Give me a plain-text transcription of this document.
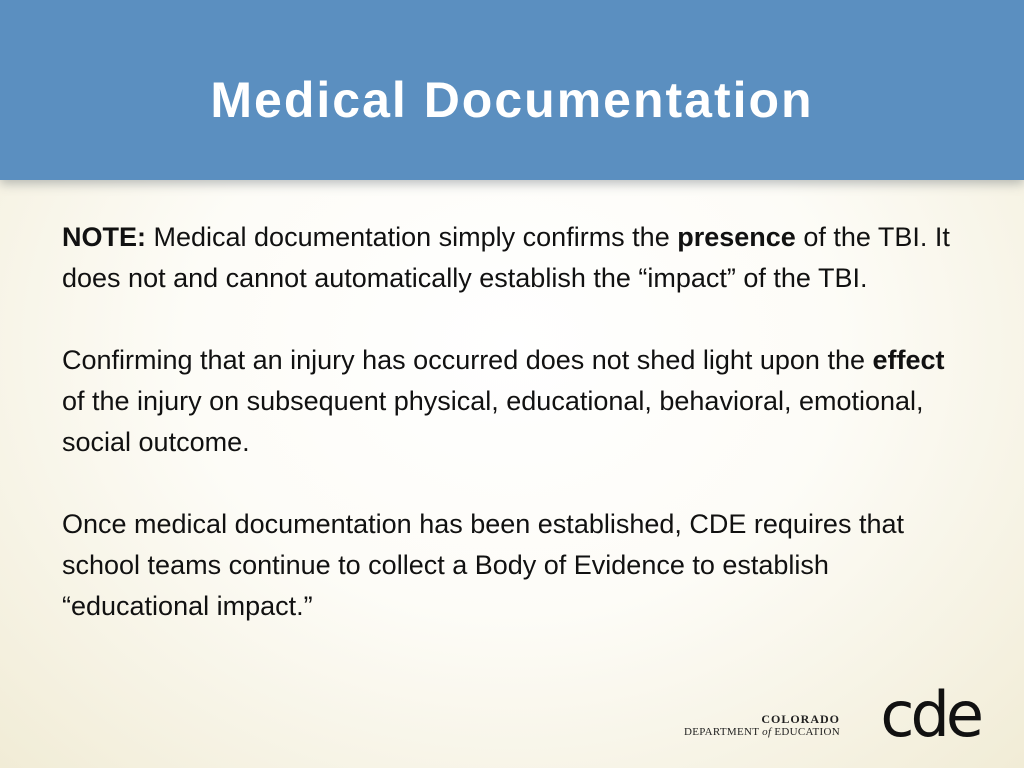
Medical Documentation

NOTE: Medical documentation simply confirms the presence of the TBI. It does not and cannot automatically establish the “impact” of the TBI.

Confirming that an injury has occurred does not shed light upon the effect of the injury on subsequent physical, educational, behavioral, emotional, social outcome.

Once medical documentation has been established, CDE requires that school teams continue to collect a Body of Evidence to establish “educational impact.”

COLORADO
DEPARTMENT of EDUCATION cde
